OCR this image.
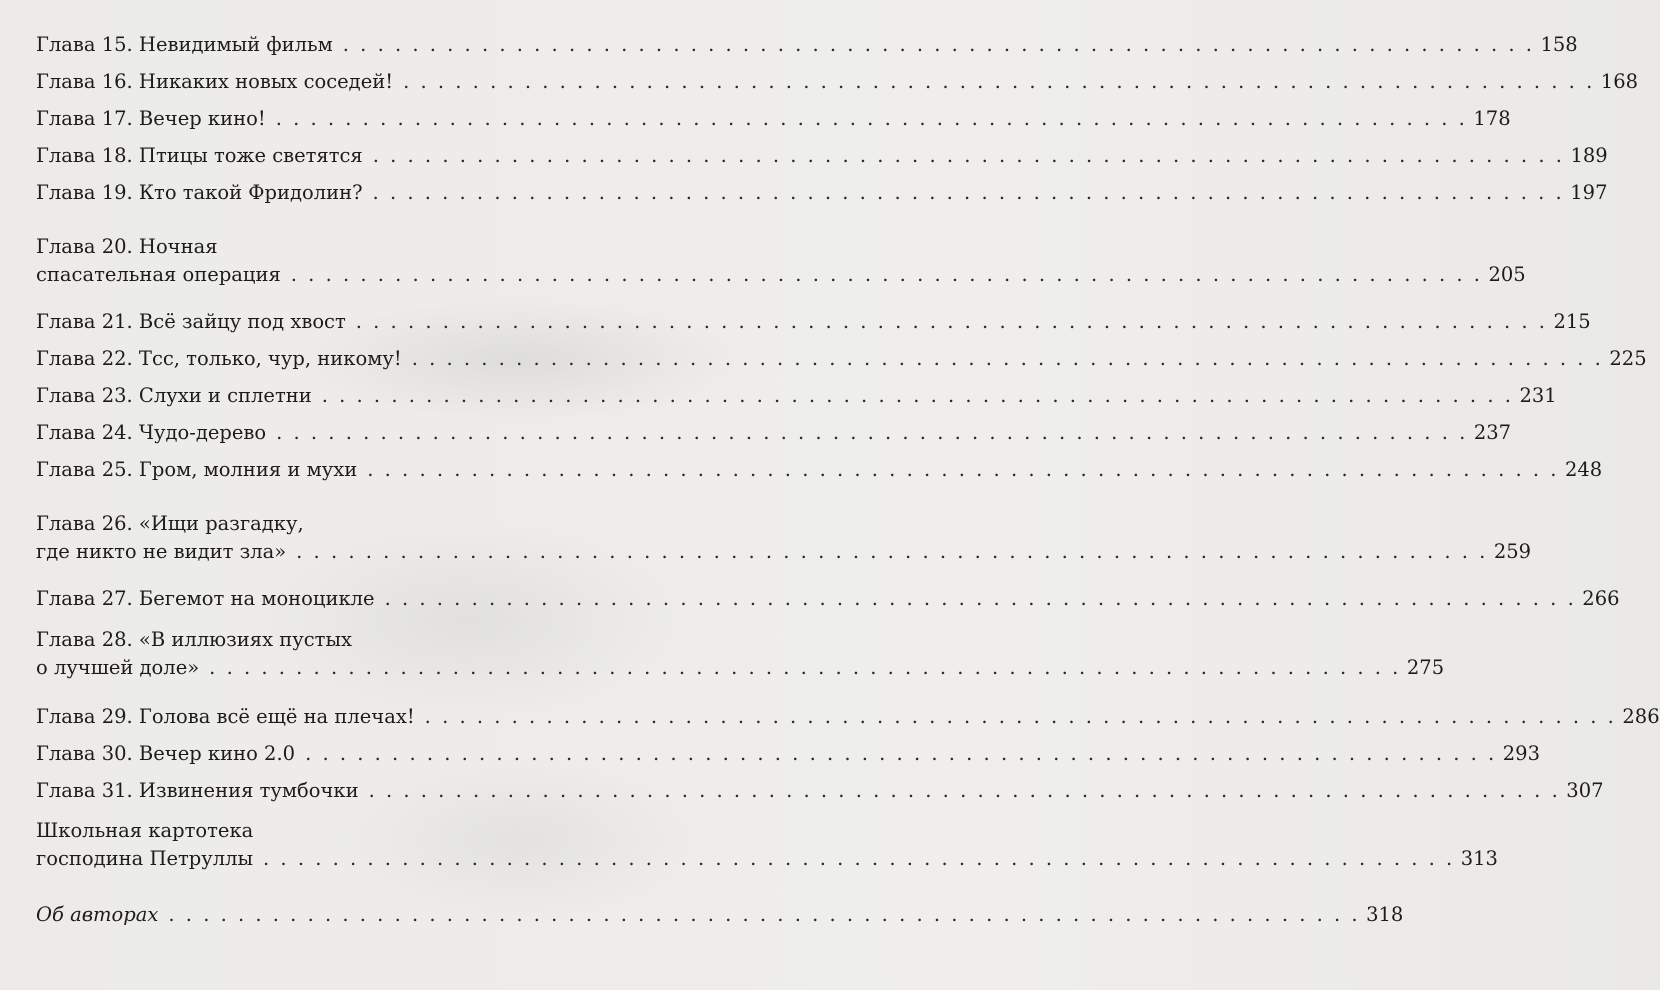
Глава 15. Невидимый фильм . . . . . . . . . . . . . . . . . . . . . . . . . . . . . . . . . . . . . . . . . . . . . . . . . . . . . . . . . . . . . . . . . . . . . 158
Глава 16. Никаких новых соседей! . . . . . . . . . . . . . . . . . . . . . . . . . . . . . . . . . . . . . . . . . . . . . . . . . . . . . . . . . . . . . . . . . . . . . 168
Глава 17. Вечер кино! . . . . . . . . . . . . . . . . . . . . . . . . . . . . . . . . . . . . . . . . . . . . . . . . . . . . . . . . . . . . . . . . . . . . . 178
Глава 18. Птицы тоже светятся . . . . . . . . . . . . . . . . . . . . . . . . . . . . . . . . . . . . . . . . . . . . . . . . . . . . . . . . . . . . . . . . . . . . . 189
Глава 19. Кто такой Фридолин? . . . . . . . . . . . . . . . . . . . . . . . . . . . . . . . . . . . . . . . . . . . . . . . . . . . . . . . . . . . . . . . . . . . . . 197
Глава 20. Ночная
спасательная операция . . . . . . . . . . . . . . . . . . . . . . . . . . . . . . . . . . . . . . . . . . . . . . . . . . . . . . . . . . . . . . . . . . . . . 205
Глава 21. Всё зайцу под хвост . . . . . . . . . . . . . . . . . . . . . . . . . . . . . . . . . . . . . . . . . . . . . . . . . . . . . . . . . . . . . . . . . . . . . 215
Глава 22. Тсс, только, чур, никому! . . . . . . . . . . . . . . . . . . . . . . . . . . . . . . . . . . . . . . . . . . . . . . . . . . . . . . . . . . . . . . . . . . . . . 225
Глава 23. Слухи и сплетни . . . . . . . . . . . . . . . . . . . . . . . . . . . . . . . . . . . . . . . . . . . . . . . . . . . . . . . . . . . . . . . . . . . . . 231
Глава 24. Чудо-дерево . . . . . . . . . . . . . . . . . . . . . . . . . . . . . . . . . . . . . . . . . . . . . . . . . . . . . . . . . . . . . . . . . . . . . 237
Глава 25. Гром, молния и мухи . . . . . . . . . . . . . . . . . . . . . . . . . . . . . . . . . . . . . . . . . . . . . . . . . . . . . . . . . . . . . . . . . . . . . 248
Глава 26. «Ищи разгадку,
где никто не видит зла» . . . . . . . . . . . . . . . . . . . . . . . . . . . . . . . . . . . . . . . . . . . . . . . . . . . . . . . . . . . . . . . . . . . . . 259
Глава 27. Бегемот на моноцикле . . . . . . . . . . . . . . . . . . . . . . . . . . . . . . . . . . . . . . . . . . . . . . . . . . . . . . . . . . . . . . . . . . . . . 266
Глава 28. «В иллюзиях пустых
о лучшей доле» . . . . . . . . . . . . . . . . . . . . . . . . . . . . . . . . . . . . . . . . . . . . . . . . . . . . . . . . . . . . . . . . . . . . . 275
Глава 29. Голова всё ещё на плечах! . . . . . . . . . . . . . . . . . . . . . . . . . . . . . . . . . . . . . . . . . . . . . . . . . . . . . . . . . . . . . . . . . . . . . 286
Глава 30. Вечер кино 2.0 . . . . . . . . . . . . . . . . . . . . . . . . . . . . . . . . . . . . . . . . . . . . . . . . . . . . . . . . . . . . . . . . . . . . . 293
Глава 31. Извинения тумбочки . . . . . . . . . . . . . . . . . . . . . . . . . . . . . . . . . . . . . . . . . . . . . . . . . . . . . . . . . . . . . . . . . . . . . 307
Школьная картотека
господина Петруллы . . . . . . . . . . . . . . . . . . . . . . . . . . . . . . . . . . . . . . . . . . . . . . . . . . . . . . . . . . . . . . . . . . . . . 313
Об авторах . . . . . . . . . . . . . . . . . . . . . . . . . . . . . . . . . . . . . . . . . . . . . . . . . . . . . . . . . . . . . . . . . . . . . 318
